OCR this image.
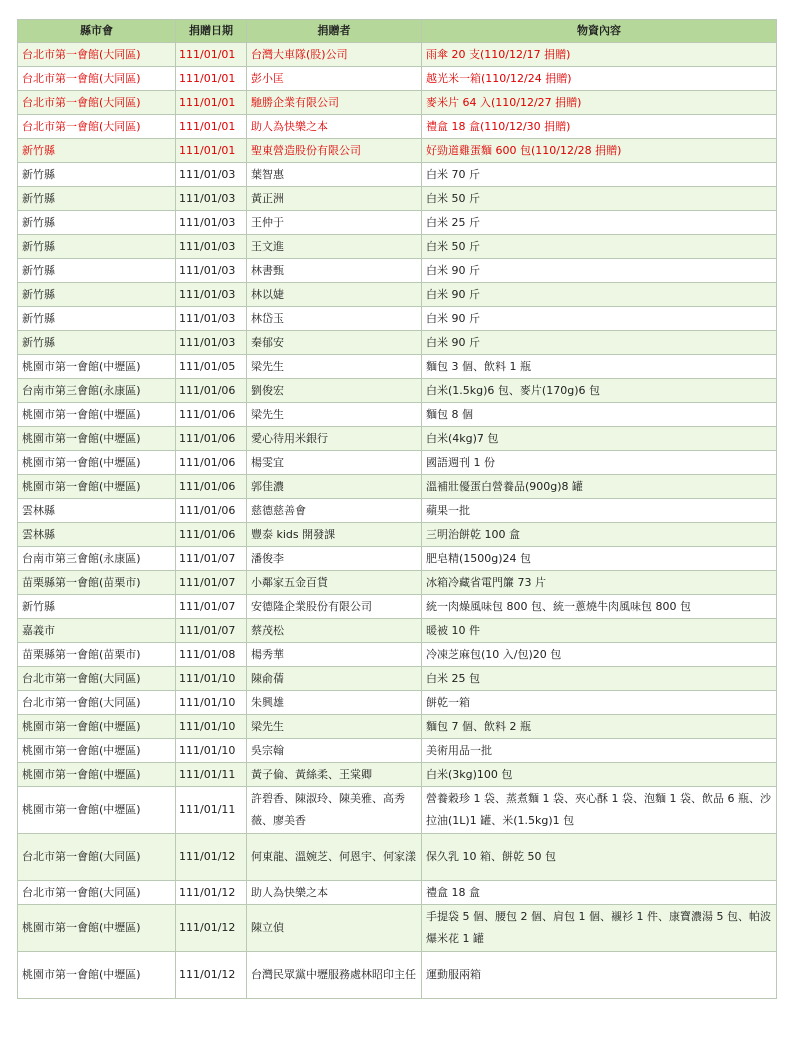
縣市會	捐贈日期	捐贈者	物資內容
台北市第一會館(大同區)	111/01/01	台灣大車隊(股)公司	雨傘 20 支(110/12/17 捐贈)
台北市第一會館(大同區)	111/01/01	彭小匡	越光米一箱(110/12/24 捐贈)
台北市第一會館(大同區)	111/01/01	馳勝企業有限公司	麥米片 64 入(110/12/27 捐贈)
台北市第一會館(大同區)	111/01/01	助人為快樂之本	禮盒 18 盒(110/12/30 捐贈)
新竹縣	111/01/01	聖東營造股份有限公司	好勁道雞蛋麵 600 包(110/12/28 捐贈)
新竹縣	111/01/03	葉智惠	白米 70 斤
新竹縣	111/01/03	黃正洲	白米 50 斤
新竹縣	111/01/03	王仲于	白米 25 斤
新竹縣	111/01/03	王文進	白米 50 斤
新竹縣	111/01/03	林書甄	白米 90 斤
新竹縣	111/01/03	林以婕	白米 90 斤
新竹縣	111/01/03	林岱玉	白米 90 斤
新竹縣	111/01/03	秦郁安	白米 90 斤
桃園市第一會館(中壢區)	111/01/05	梁先生	麵包 3 個、飲料 1 瓶
台南市第三會館(永康區)	111/01/06	劉俊宏	白米(1.5kg)6 包、麥片(170g)6 包
桃園市第一會館(中壢區)	111/01/06	梁先生	麵包 8 個
桃園市第一會館(中壢區)	111/01/06	愛心待用米銀行	白米(4kg)7 包
桃園市第一會館(中壢區)	111/01/06	楊雯宜	國語週刊 1 份
桃園市第一會館(中壢區)	111/01/06	郭佳濃	溫補壯優蛋白營養品(900g)8 罐
雲林縣	111/01/06	慈德慈善會	蘋果一批
雲林縣	111/01/06	豐泰 kids 開發課	三明治餅乾 100 盒
台南市第三會館(永康區)	111/01/07	潘俊李	肥皂精(1500g)24 包
苗栗縣第一會館(苗栗市)	111/01/07	小鄰家五金百貨	冰箱冷藏省電門簾 73 片
新竹縣	111/01/07	安德隆企業股份有限公司	統一肉燥風味包 800 包、統一蔥燒牛肉風味包 800 包
嘉義市	111/01/07	蔡茂松	暖被 10 件
苗栗縣第一會館(苗栗市)	111/01/08	楊秀華	冷凍芝麻包(10 入/包)20 包
台北市第一會館(大同區)	111/01/10	陳俞蒨	白米 25 包
台北市第一會館(大同區)	111/01/10	朱興雄	餅乾一箱
桃園市第一會館(中壢區)	111/01/10	梁先生	麵包 7 個、飲料 2 瓶
桃園市第一會館(中壢區)	111/01/10	吳宗翰	美術用品一批
桃園市第一會館(中壢區)	111/01/11	黃子倫、黃絲柔、王棠卿	白米(3kg)100 包
桃園市第一會館(中壢區)	111/01/11	許碧香、陳淑玲、陳美雅、高秀薇、廖美香	營養穀珍 1 袋、蒸煮麵 1 袋、夾心酥 1 袋、泡麵 1 袋、飲品 6 瓶、沙拉油(1L)1 罐、米(1.5kg)1 包
台北市第一會館(大同區)	111/01/12	何東龍、溫婉芝、何恩宇、何家漾	保久乳 10 箱、餅乾 50 包
台北市第一會館(大同區)	111/01/12	助人為快樂之本	禮盒 18 盒
桃園市第一會館(中壢區)	111/01/12	陳立偵	手提袋 5 個、腰包 2 個、肩包 1 個、襯衫 1 件、康寶濃湯 5 包、帕波爆米花 1 罐
桃園市第一會館(中壢區)	111/01/12	台灣民眾黨中壢服務處林昭印主任	運動服兩箱
